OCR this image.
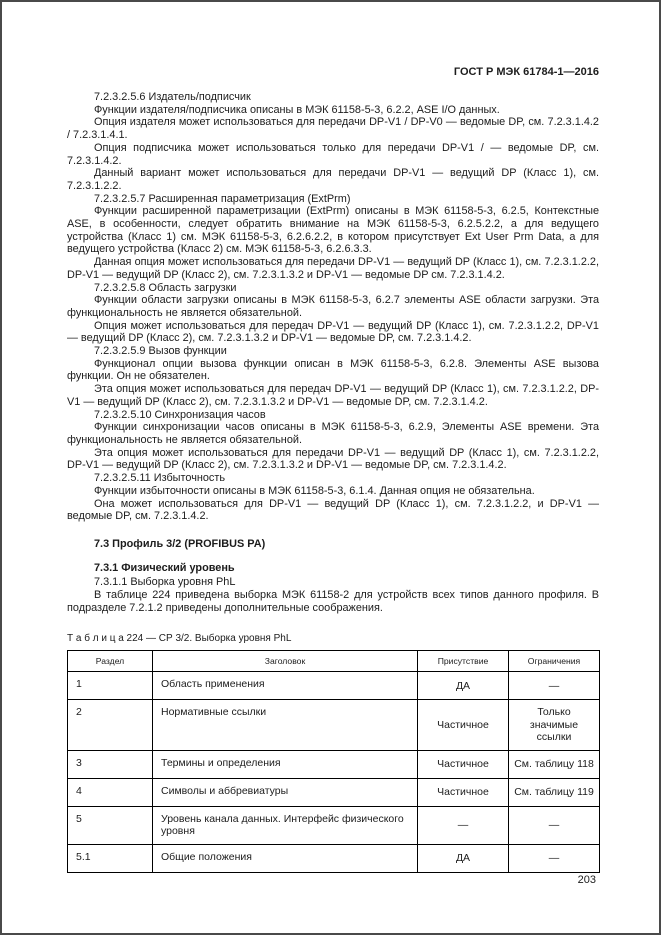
ГОСТ Р МЭК 61784-1—2016

7.2.3.2.5.6 Издатель/подписчик

Функции издателя/подписчика описаны в МЭК 61158-5-3, 6.2.2, ASE I/O данных.

Опция издателя может использоваться для передачи DP-V1 / DP-V0 — ведомые DP, см. 7.2.3.1.4.2 / 7.2.3.1.4.1.

Опция подписчика может использоваться только для передачи DP-V1 / — ведомые DP, см. 7.2.3.1.4.2.

Данный вариант может использоваться для передачи DP-V1 — ведущий DP (Класс 1), см. 7.2.3.1.2.2.

7.2.3.2.5.7 Расширенная параметризация (ExtPrm)

Функции расширенной параметризации (ExtPrm) описаны в МЭК 61158-5-3, 6.2.5, Контекстные ASE, в особенности, следует обратить внимание на МЭК 61158-5-3, 6.2.5.2.2, а для ведущего устройства (Класс 1) см. МЭК 61158-5-3, 6.2.6.2.2, в котором присутствует Ext User Prm Data, а для ведущего устройства (Класс 2) см. МЭК 61158-5-3, 6.2.6.3.3.

Данная опция может использоваться для передачи DP-V1 — ведущий DP (Класс 1), см. 7.2.3.1.2.2, DP-V1 — ведущий DP (Класс 2), см. 7.2.3.1.3.2 и DP-V1 — ведомые DP см. 7.2.3.1.4.2.

7.2.3.2.5.8 Область загрузки

Функции области загрузки описаны в МЭК 61158-5-3, 6.2.7 элементы ASE области загрузки. Эта функциональность не является обязательной.

Опция может использоваться для передач DP-V1 — ведущий DP (Класс 1), см. 7.2.3.1.2.2, DP-V1 — ведущий DP (Класс 2), см. 7.2.3.1.3.2 и DP-V1 — ведомые DP, см. 7.2.3.1.4.2.

7.2.3.2.5.9 Вызов функции

Функционал опции вызова функции описан в МЭК 61158-5-3, 6.2.8. Элементы ASE вызова функции. Он не обязателен.

Эта опция может использоваться для передач DP-V1 — ведущий DP (Класс 1), см. 7.2.3.1.2.2, DP-V1 — ведущий DP (Класс 2), см. 7.2.3.1.3.2 и DP-V1 — ведомые DP, см. 7.2.3.1.4.2.

7.2.3.2.5.10 Синхронизация часов

Функции синхронизации часов описаны в МЭК 61158-5-3, 6.2.9, Элементы ASE времени. Эта функциональность не является обязательной.

Эта опция может использоваться для передачи DP-V1 — ведущий DP (Класс 1), см. 7.2.3.1.2.2, DP-V1 — ведущий DP (Класс 2), см. 7.2.3.1.3.2 и DP-V1 — ведомые DP, см. 7.2.3.1.4.2.

7.2.3.2.5.11 Избыточность

Функции избыточности описаны в МЭК 61158-5-3, 6.1.4. Данная опция не обязательна.

Она может использоваться для DP-V1 — ведущий DP (Класс 1), см. 7.2.3.1.2.2, и DP-V1 — ведомые DP, см. 7.2.3.1.4.2.

7.3 Профиль 3/2 (PROFIBUS PA)

7.3.1 Физический уровень

7.3.1.1 Выборка уровня PhL

В таблице 224 приведена выборка МЭК 61158-2 для устройств всех типов данного профиля. В подразделе 7.2.1.2 приведены дополнительные соображения.

Т а б л и ц а 224 — СР 3/2. Выборка уровня PhL
Раздел	Заголовок	Присутствие	Ограничения
1	Область применения	ДА	—
2	Нормативные ссылки	Частичное	Только значимые ссылки
3	Термины и определения	Частичное	См. таблицу 118
4	Символы и аббревиатуры	Частичное	См. таблицу 119
5	Уровень канала данных. Интерфейс физического уровня	—	—
5.1	Общие положения	ДА	—
203
